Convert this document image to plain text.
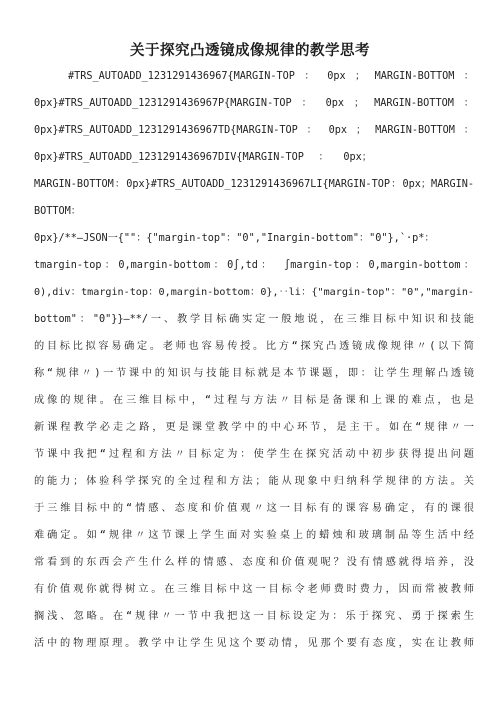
关于探究凸透镜成像规律的教学思考
#TRS_AUTOADD_1231291436967{MARGIN-TOP ： 0px ； MARGIN-BOTTOM ：
0px}#TRS_AUTOADD_1231291436967P{MARGIN-TOP ： 0px ； MARGIN-BOTTOM ：
0px}#TRS_AUTOADD_1231291436967TD{MARGIN-TOP ： 0px ； MARGIN-BOTTOM ：
0px}#TRS_AUTOADD_1231291436967DIV{MARGIN-TOP：0px；
MARGIN-BOTTOM：0px}#TRS_AUTOADD_1231291436967LI{MARGIN-TOP：0px；MARGIN-
BOTTOM：
0px}/**—JSON一{""：{"margin-top"："0","Inargin-bottom"："0"},`·p*：
tmargin-top：0,margin-bottom：0∫,td： ∫margin-top：0,margin-bottom：
0),div：tmargin-top：0,margin-bottom：0},‥li：{"margin-top"："0","margin-
bottom"："0"}}—**/一、教学目标确实定一般地说，在三维目标中知识和技能
的目标比拟容易确定。老师也容易传授。比方“探究凸透镜成像规律〃(以下简
称“规律〃)一节课中的知识与技能目标就是本节课题，即：让学生理解凸透镜
成像的规律。在三维目标中，“过程与方法〃目标是备课和上课的难点，也是
新课程教学必走之路，更是课堂教学中的中心环节，是主干。如在“规律〃一
节课中我把“过程和方法〃目标定为：使学生在探究活动中初步获得提出问题
的能力；体验科学探究的全过程和方法；能从现象中归纳科学规律的方法。关
于三维目标中的“情感、态度和价值观〃这一目标有的课容易确定，有的课很
难确定。如“规律〃这节课上学生面对实验桌上的蜡烛和玻璃制品等生活中经
常看到的东西会产生什么样的情感、态度和价值观呢？没有情感就得培养，没
有价值观你就得树立。在三维目标中这一目标令老师费时费力，因而常被教师
搁浅、忽略。在“规律〃一节中我把这一目标设定为：乐于探究、勇于探索生
活中的物理原理。教学中让学生见这个要动情，见那个要有态度，实在让教师
